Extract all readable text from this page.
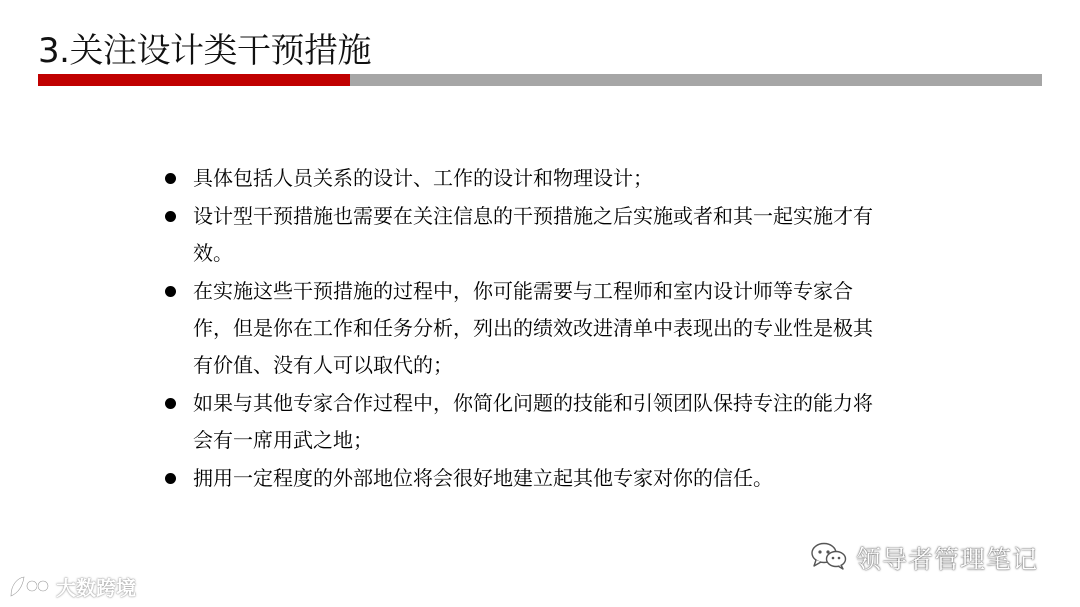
3.关注设计类干预措施
具体包括人员关系的设计、工作的设计和物理设计；
设计型干预措施也需要在关注信息的干预措施之后实施或者和其一起实施才有效。
在实施这些干预措施的过程中，你可能需要与工程师和室内设计师等专家合作，但是你在工作和任务分析，列出的绩效改进清单中表现出的专业性是极其有价值、没有人可以取代的；
如果与其他专家合作过程中，你简化问题的技能和引领团队保持专注的能力将会有一席用武之地；
拥用一定程度的外部地位将会很好地建立起其他专家对你的信任。
大数跨境
领导者管理笔记
